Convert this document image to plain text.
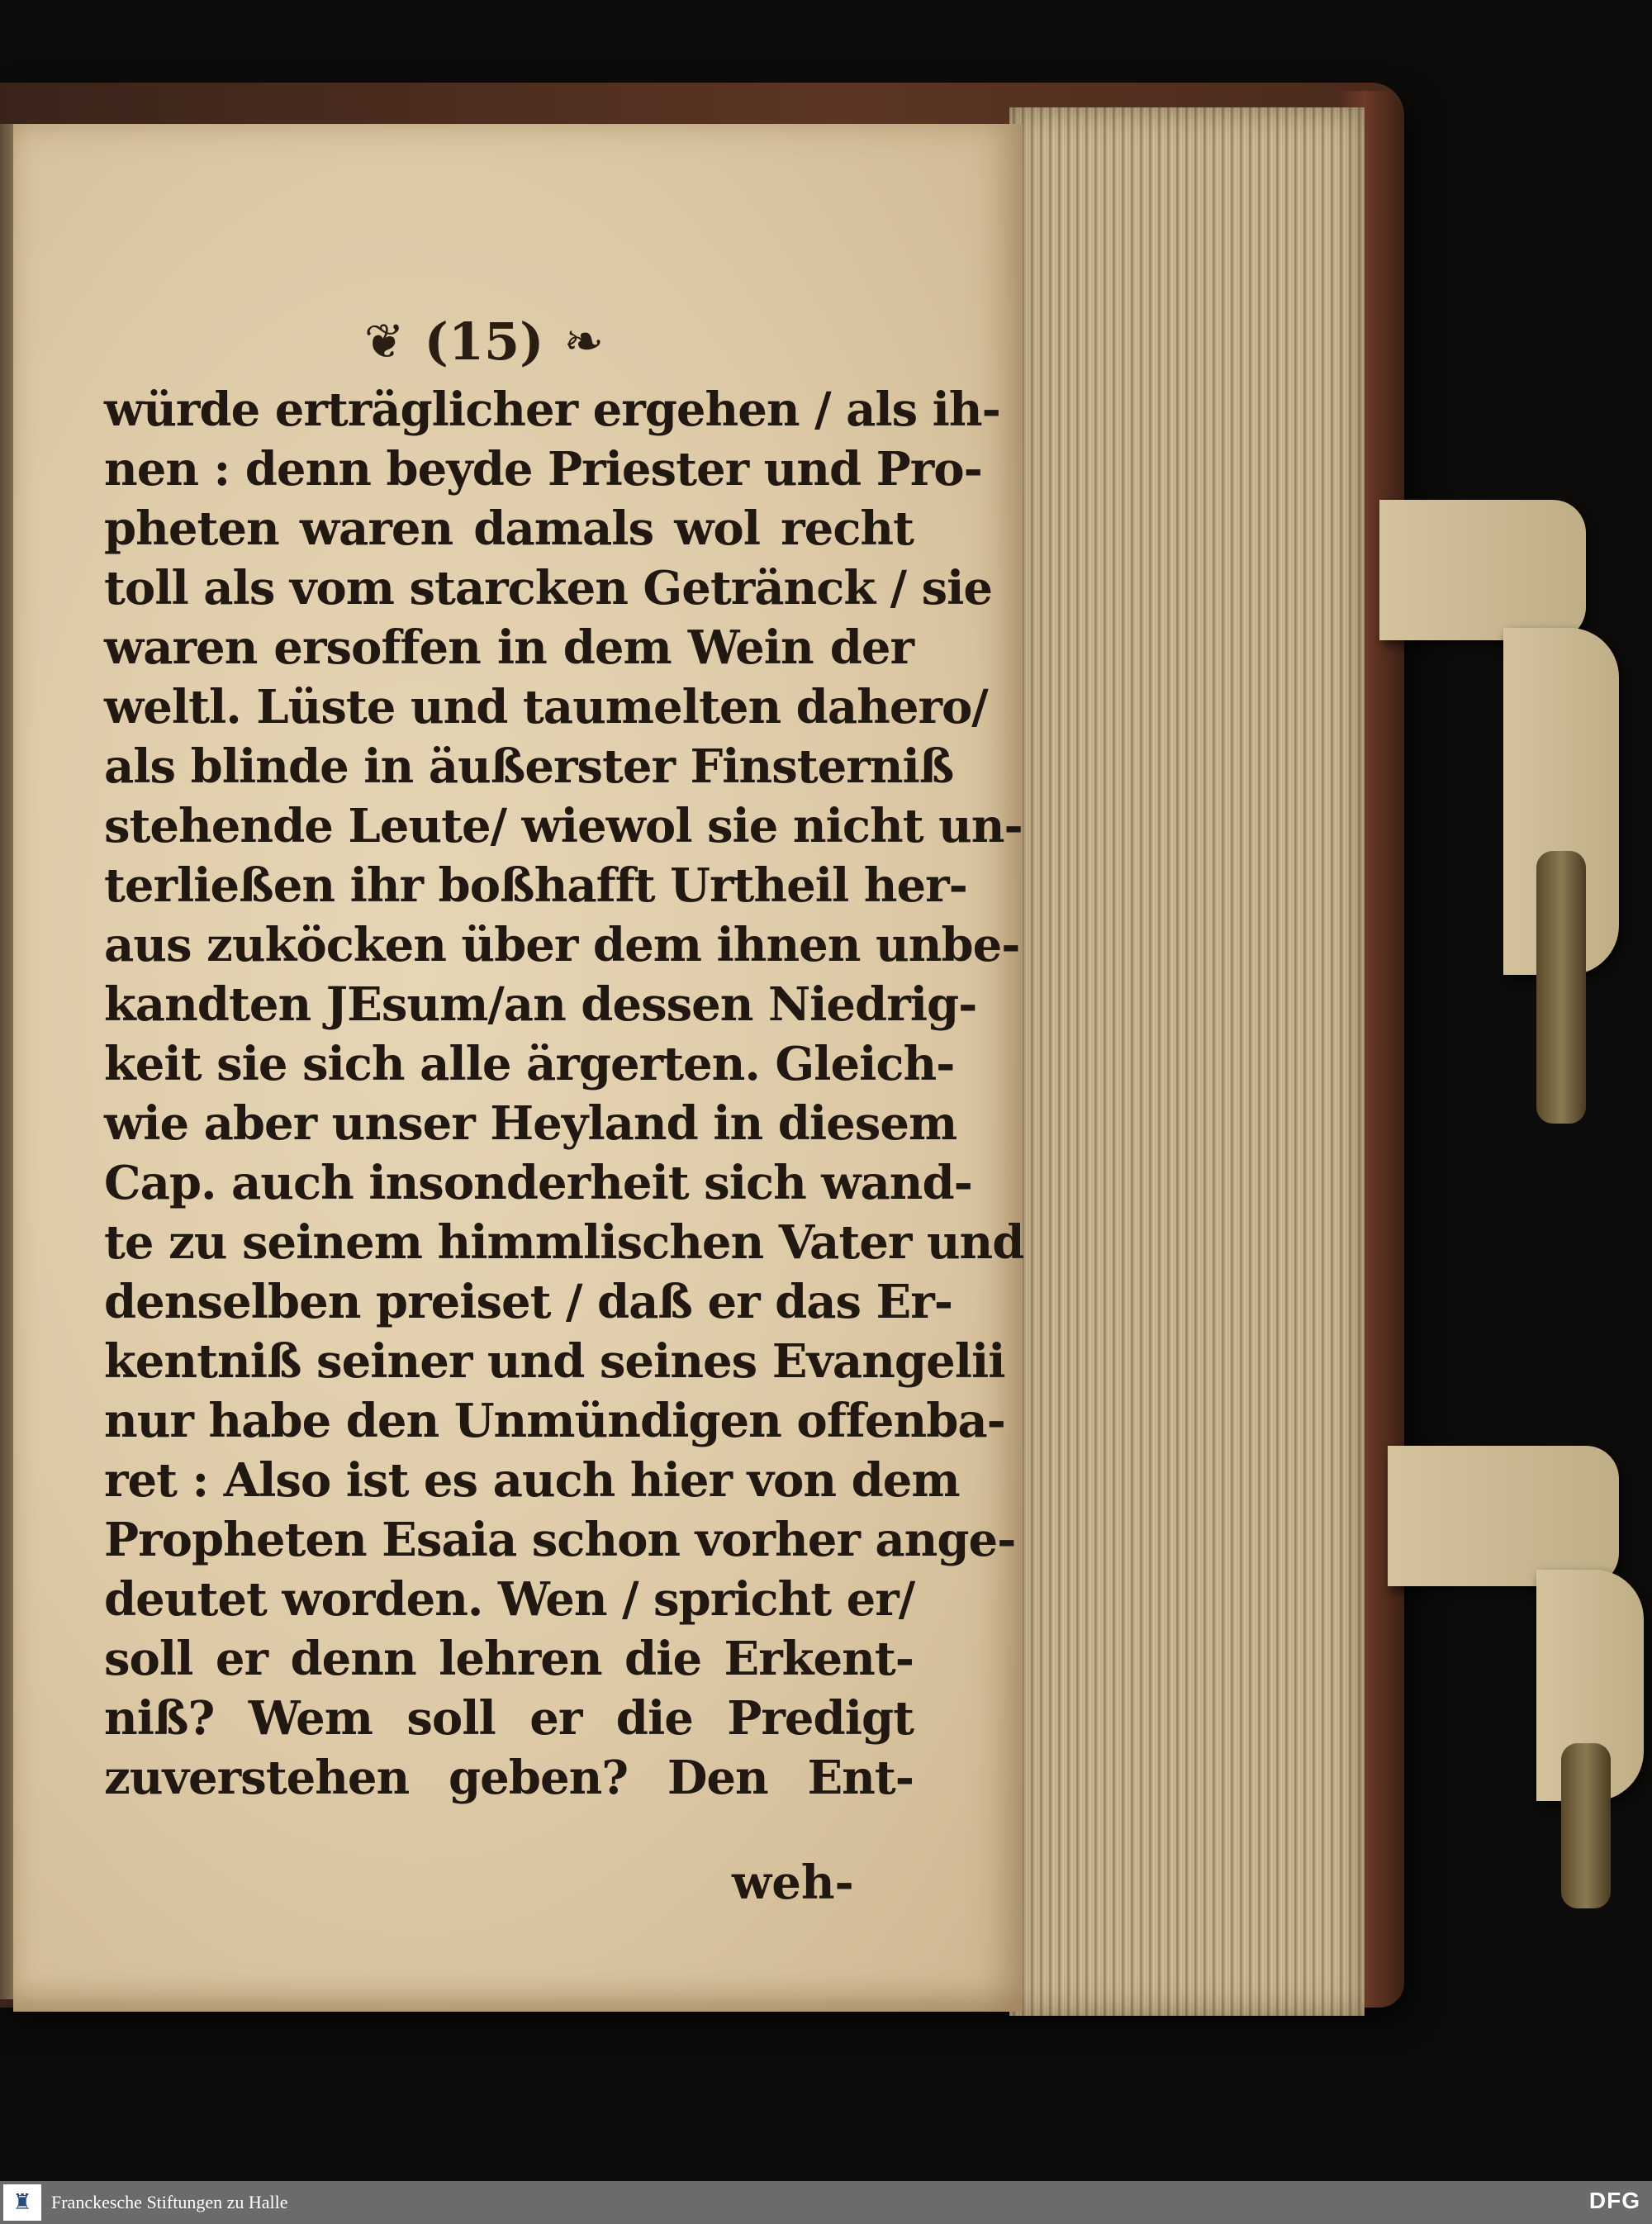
❦ (15) ❧
würde erträglicher ergehen / als ih-
nen : denn beyde Priester und Pro-
pheten waren damals wol recht
toll als vom starcken Getränck / sie
waren ersoffen in dem Wein der
weltl. Lüste und taumelten dahero/
als blinde in äußerster Finsterniß
stehende Leute/ wiewol sie nicht un-
terließen ihr boßhafft Urtheil her-
aus zuköcken über dem ihnen unbe-
kandten JEsum/an dessen Niedrig-
keit sie sich alle ärgerten. Gleich-
wie aber unser Heyland in diesem
Cap. auch insonderheit sich wand-
te zu seinem himmlischen Vater und
denselben preiset / daß er das Er-
kentniß seiner und seines Evangelii
nur habe den Unmündigen offenba-
ret : Also ist es auch hier von dem
Propheten Esaia schon vorher ange-
deutet worden. Wen / spricht er/
soll er denn lehren die Erkent-
niß? Wem soll er die Predigt
zuverstehen geben? Den Ent-
weh-
♜	Franckesche Stiftungen zu Halle	DFG
